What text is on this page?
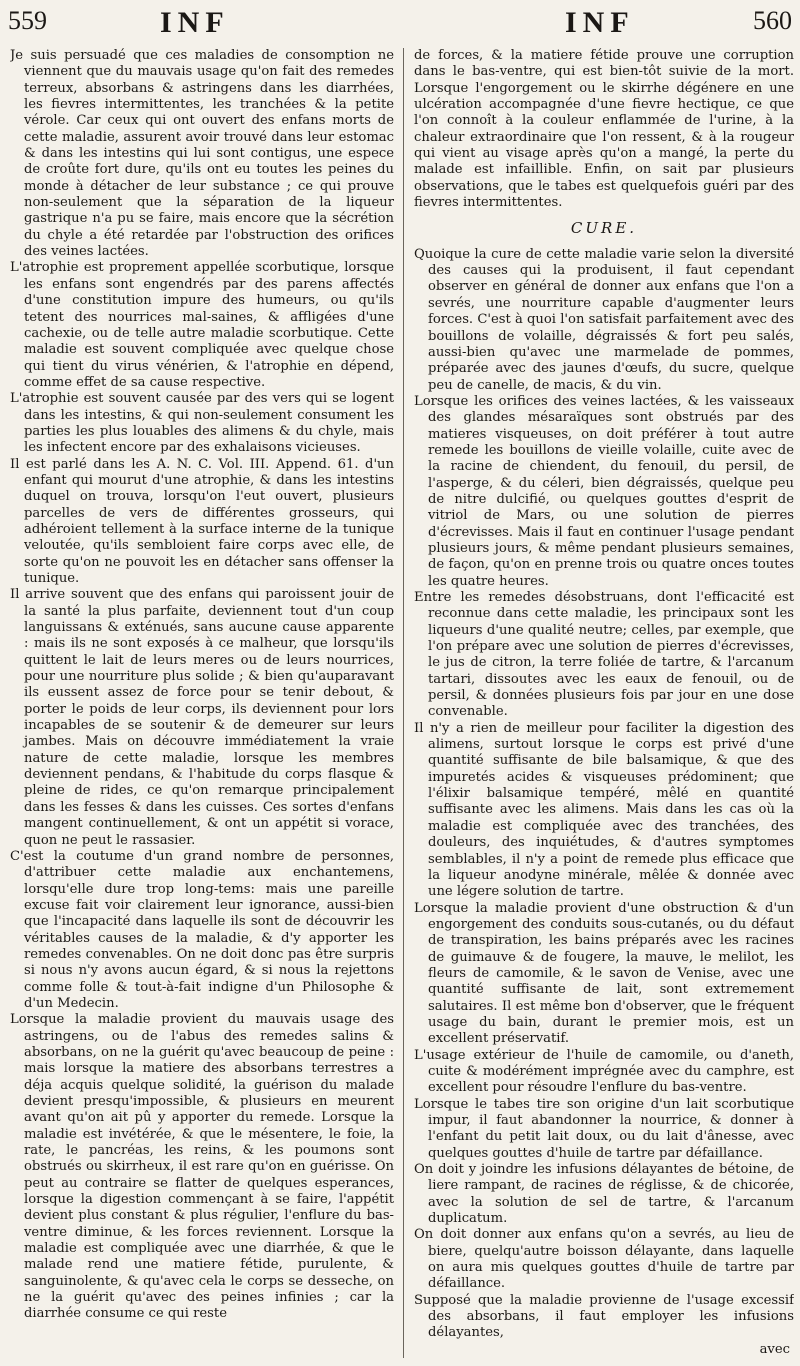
559	INF	INF	560

Je suis persuadé que ces maladies de consomption ne viennent que du mauvais usage qu'on fait des remedes terreux, absorbans & astringens dans les diarrhées, les fievres intermittentes, les tranchées & la petite vérole. Car ceux qui ont ouvert des enfans morts de cette maladie, assurent avoir trouvé dans leur estomac & dans les intestins qui lui sont contigus, une espece de croûte fort dure, qu'ils ont eu toutes les peines du monde à détacher de leur substance ; ce qui prouve non-seulement que la séparation de la liqueur gastrique n'a pu se faire, mais encore que la sécrétion du chyle a été retardée par l'obstruction des orifices des veines lactées.

L'atrophie est proprement appellée scorbutique, lorsque les enfans sont engendrés par des parens affectés d'une constitution impure des humeurs, ou qu'ils tetent des nourrices mal-saines, & affligées d'une cachexie, ou de telle autre maladie scorbutique. Cette maladie est souvent compliquée avec quelque chose qui tient du virus vénérien, & l'atrophie en dépend, comme effet de sa cause respective.

L'atrophie est souvent causée par des vers qui se logent dans les intestins, & qui non-seulement consument les parties les plus louables des alimens & du chyle, mais les infectent encore par des exhalaisons vicieuses.

Il est parlé dans les A. N. C. Vol. III. Append. 61. d'un enfant qui mourut d'une atrophie, & dans les intestins duquel on trouva, lorsqu'on l'eut ouvert, plusieurs parcelles de vers de différentes grosseurs, qui adhéroient tellement à la surface interne de la tunique veloutée, qu'ils sembloient faire corps avec elle, de sorte qu'on ne pouvoit les en détacher sans offenser la tunique.

Il arrive souvent que des enfans qui paroissent jouir de la santé la plus parfaite, deviennent tout d'un coup languissans & exténués, sans aucune cause apparente : mais ils ne sont exposés à ce malheur, que lorsqu'ils quittent le lait de leurs meres ou de leurs nourrices, pour une nourriture plus solide ; & bien qu'auparavant ils eussent assez de force pour se tenir debout, & porter le poids de leur corps, ils deviennent pour lors incapables de se soutenir & de demeurer sur leurs jambes. Mais on découvre immédiatement la vraie nature de cette maladie, lorsque les membres deviennent pendans, & l'habitude du corps flasque & pleine de rides, ce qu'on remarque principalement dans les fesses & dans les cuisses. Ces sortes d'enfans mangent continuellement, & ont un appétit si vorace, quon ne peut le rassasier.

C'est la coutume d'un grand nombre de personnes, d'attribuer cette maladie aux enchantemens, lorsqu'elle dure trop long-tems: mais une pareille excuse fait voir clairement leur ignorance, aussi-bien que l'incapacité dans laquelle ils sont de découvrir les véritables causes de la maladie, & d'y apporter les remedes convenables. On ne doit donc pas être surpris si nous n'y avons aucun égard, & si nous la rejettons comme folle & tout-à-fait indigne d'un Philosophe & d'un Medecin.

Lorsque la maladie provient du mauvais usage des astringens, ou de l'abus des remedes salins & absorbans, on ne la guérit qu'avec beaucoup de peine : mais lorsque la matiere des absorbans terrestres a déja acquis quelque solidité, la guérison du malade devient presqu'impossible, & plusieurs en meurent avant qu'on ait pû y apporter du remede. Lorsque la maladie est invétérée, & que le mésentere, le foie, la rate, le pancréas, les reins, & les poumons sont obstrués ou skirrheux, il est rare qu'on en guérisse. On peut au contraire se flatter de quelques esperances, lorsque la digestion commençant à se faire, l'appétit devient plus constant & plus régulier, l'enflure du bas-ventre diminue, & les forces reviennent. Lorsque la maladie est compliquée avec une diarrhée, & que le malade rend une matiere fétide, purulente, & sanguinolente, & qu'avec cela le corps se desseche, on ne la guérit qu'avec des peines infinies ; car la diarrhée consume ce qui reste

de forces, & la matiere fétide prouve une corruption dans le bas-ventre, qui est bien-tôt suivie de la mort. Lorsque l'engorgement ou le skirrhe dégénere en une ulcération accompagnée d'une fievre hectique, ce que l'on connoît à la couleur enflammée de l'urine, à la chaleur extraordinaire que l'on ressent, & à la rougeur qui vient au visage après qu'on a mangé, la perte du malade est infaillible. Enfin, on sait par plusieurs observations, que le tabes est quelquefois guéri par des fievres intermittentes.

CURE.

Quoique la cure de cette maladie varie selon la diversité des causes qui la produisent, il faut cependant observer en général de donner aux enfans que l'on a sevrés, une nourriture capable d'augmenter leurs forces. C'est à quoi l'on satisfait parfaitement avec des bouillons de volaille, dégraissés & fort peu salés, aussi-bien qu'avec une marmelade de pommes, préparée avec des jaunes d'œufs, du sucre, quelque peu de canelle, de macis, & du vin.

Lorsque les orifices des veines lactées, & les vaisseaux des glandes mésaraïques sont obstrués par des matieres visqueuses, on doit préférer à tout autre remede les bouillons de vieille volaille, cuite avec de la racine de chiendent, du fenouil, du persil, de l'asperge, & du céleri, bien dégraissés, quelque peu de nitre dulcifié, ou quelques gouttes d'esprit de vitriol de Mars, ou une solution de pierres d'écrevisses. Mais il faut en continuer l'usage pendant plusieurs jours, & même pendant plusieurs semaines, de façon, qu'on en prenne trois ou quatre onces toutes les quatre heures.

Entre les remedes désobstruans, dont l'efficacité est reconnue dans cette maladie, les principaux sont les liqueurs d'une qualité neutre; celles, par exemple, que l'on prépare avec une solution de pierres d'écrevisses, le jus de citron, la terre foliée de tartre, & l'arcanum tartari, dissoutes avec les eaux de fenouil, ou de persil, & données plusieurs fois par jour en une dose convenable.

Il n'y a rien de meilleur pour faciliter la digestion des alimens, surtout lorsque le corps est privé d'une quantité suffisante de bile balsamique, & que des impuretés acides & visqueuses prédominent; que l'élixir balsamique tempéré, mêlé en quantité suffisante avec les alimens. Mais dans les cas où la maladie est compliquée avec des tranchées, des douleurs, des inquiétudes, & d'autres symptomes semblables, il n'y a point de remede plus efficace que la liqueur anodyne minérale, mêlée & donnée avec une légere solution de tartre.

Lorsque la maladie provient d'une obstruction & d'un engorgement des conduits sous-cutanés, ou du défaut de transpiration, les bains préparés avec les racines de guimauve & de fougere, la mauve, le melilot, les fleurs de camomile, & le savon de Venise, avec une quantité suffisante de lait, sont extremement salutaires. Il est même bon d'observer, que le fréquent usage du bain, durant le premier mois, est un excellent préservatif.

L'usage extérieur de l'huile de camomile, ou d'aneth, cuite & modérément imprégnée avec du camphre, est excellent pour résoudre l'enflure du bas-ventre.

Lorsque le tabes tire son origine d'un lait scorbutique impur, il faut abandonner la nourrice, & donner à l'enfant du petit lait doux, ou du lait d'ânesse, avec quelques gouttes d'huile de tartre par défaillance.

On doit y joindre les infusions délayantes de bétoine, de liere rampant, de racines de réglisse, & de chicorée, avec la solution de sel de tartre, & l'arcanum duplicatum.

On doit donner aux enfans qu'on a sevrés, au lieu de biere, quelqu'autre boisson délayante, dans laquelle on aura mis quelques gouttes d'huile de tartre par défaillance.

Supposé que la maladie provienne de l'usage excessif des absorbans, il faut employer les infusions délayantes,

avec
